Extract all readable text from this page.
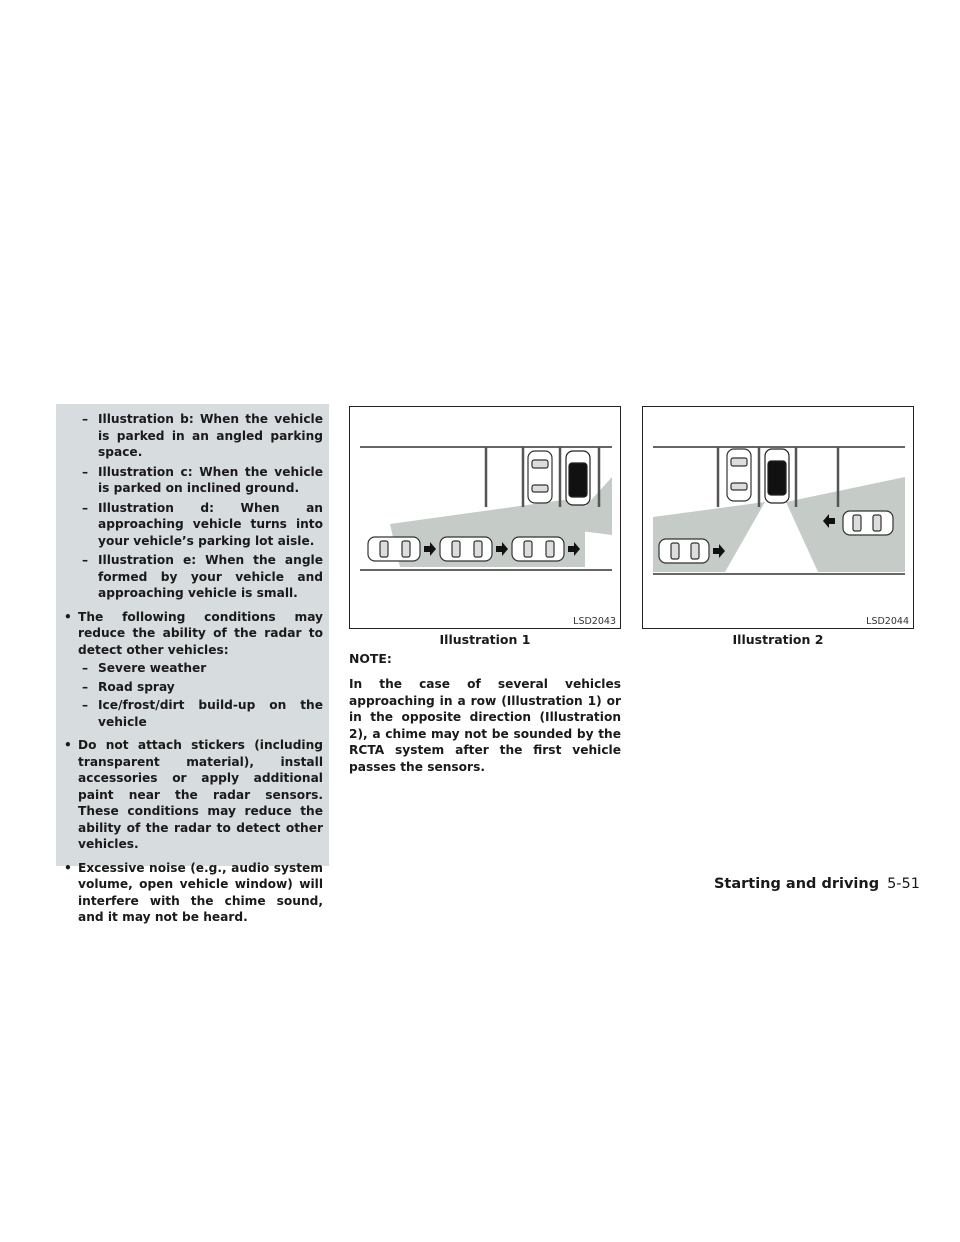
– Illustration b: When the vehicle is parked in an angled parking space.
– Illustration c: When the vehicle is parked on inclined ground.
– Illustration d: When an approaching vehicle turns into your vehicle’s parking lot aisle.
– Illustration e: When the angle formed by your vehicle and approaching vehicle is small.
• The following conditions may reduce the ability of the radar to detect other vehicles:
– Severe weather
– Road spray
– Ice/frost/dirt build-up on the vehicle
• Do not attach stickers (including transparent material), install accessories or apply additional paint near the radar sensors. These conditions may reduce the ability of the radar to detect other vehicles.
• Excessive noise (e.g., audio system volume, open vehicle window) will interfere with the chime sound, and it may not be heard.
LSD2043
Illustration 1
LSD2044
Illustration 2
NOTE:
In the case of several vehicles approaching in a row (Illustration 1) or in the opposite direction (Illustration 2), a chime may not be sounded by the RCTA system after the first vehicle passes the sensors.
Starting and driving 5-51
